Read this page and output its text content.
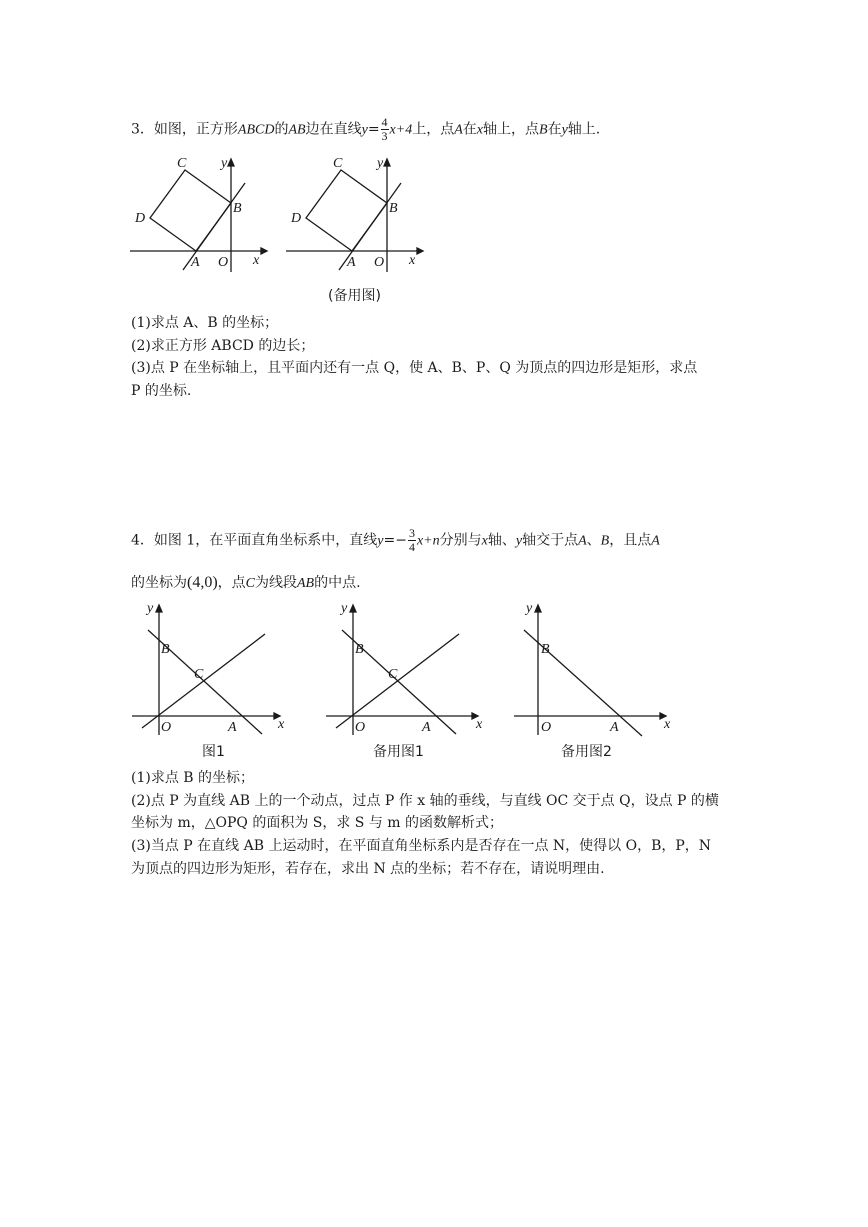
3．如图，正方形ABCD的AB边在直线$y= \frac{4}{3} x+4$上，点A在x轴上，点B在y轴上.

C y
D
B
A O x
C y
D
B
A O x
(备用图)

(1)求点 A、B 的坐标；

(2)求正方形 ABCD 的边长；

(3)点 P 在坐标轴上，且平面内还有一点 Q，使 A、B、P、Q 为顶点的四边形是矩形，求点

P 的坐标.

4．如图 1，在平面直角坐标系中，直线$y=- \frac{3}{4} x+n$分别与x轴、y轴交于点A、B，且点A

的坐标为(4,0)，点C为线段AB的中点.

y
B
C
O	A	x
y
B
C
O	A	x
y
B
O	A	x
图1	备用图1	备用图2

(1)求点 B 的坐标；

(2)点 P 为直线 AB 上的一个动点，过点 P 作 x 轴的垂线，与直线 OC 交于点 Q，设点 P 的横

坐标为 m，△OPQ 的面积为 S，求 S 与 m 的函数解析式；

(3)当点 P 在直线 AB 上运动时，在平面直角坐标系内是否存在一点 N，使得以 O，B，P，N

为顶点的四边形为矩形，若存在，求出 N 点的坐标；若不存在，请说明理由.
